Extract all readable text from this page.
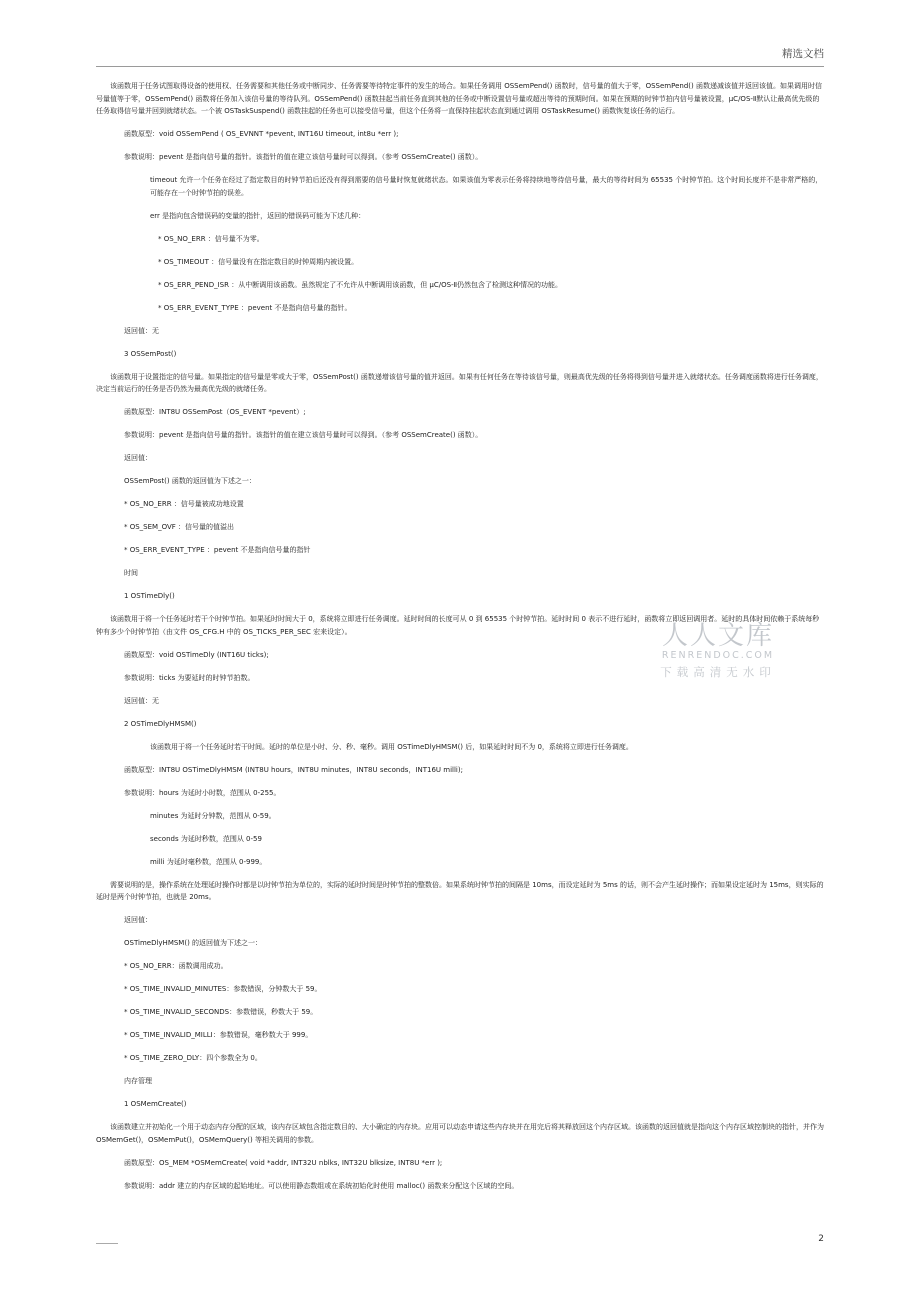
精选文档

该函数用于任务试图取得设备的使用权、任务需要和其他任务或中断同步、任务需要等待特定事件的发生的场合。如果任务调用 OSSemPend() 函数时，信号量的值大于零，OSSemPend() 函数递减该值并返回该值。如果调用时信号量值等于零，OSSemPend() 函数将任务加入该信号量的等待队列。OSSemPend() 函数挂起当前任务直到其他的任务或中断设置信号量或超出等待的预期时间。如果在预期的时钟节拍内信号量被设置，μC/OS-Ⅱ默认让最高优先级的任务取得信号量并回到就绪状态。一个被 OSTaskSuspend() 函数挂起的任务也可以接受信号量，但这个任务将一直保持挂起状态直到通过调用 OSTaskResume() 函数恢复该任务的运行。

函数原型：void OSSemPend ( OS_EVNNT *pevent, INT16U timeout, int8u *err );

参数说明：pevent 是指向信号量的指针。该指针的值在建立该信号量时可以得到。（参考 OSSemCreate() 函数）。

timeout 允许一个任务在经过了指定数目的时钟节拍后还没有得到需要的信号量时恢复就绪状态。如果该值为零表示任务将持续地等待信号量，最大的等待时间为 65535 个时钟节拍。这个时间长度并不是非常严格的，可能存在一个时钟节拍的误差。

err 是指向包含错误码的变量的指针，返回的错误码可能为下述几种：

* OS_NO_ERR ：信号量不为零。

* OS_TIMEOUT ：信号量没有在指定数目的时钟周期内被设置。

* OS_ERR_PEND_ISR ：从中断调用该函数。虽然规定了不允许从中断调用该函数，但 μC/OS-Ⅱ仍然包含了检测这种情况的功能。

* OS_ERR_EVENT_TYPE ：pevent 不是指向信号量的指针。

返回值：无

3 OSSemPost()

该函数用于设置指定的信号量。如果指定的信号量是零或大于零，OSSemPost() 函数递增该信号量的值并返回。如果有任何任务在等待该信号量，则最高优先级的任务将得到信号量并进入就绪状态。任务调度函数将进行任务调度，决定当前运行的任务是否仍然为最高优先级的就绪任务。

函数原型：INT8U OSSemPost（OS_EVENT *pevent）;

参数说明：pevent 是指向信号量的指针。该指针的值在建立该信号量时可以得到。（参考 OSSemCreate() 函数）。

返回值：

OSSemPost() 函数的返回值为下述之一：

* OS_NO_ERR ：信号量被成功地设置

* OS_SEM_OVF ：信号量的值溢出

* OS_ERR_EVENT_TYPE ：pevent 不是指向信号量的指针

时间

1 OSTimeDly()

该函数用于将一个任务延时若干个时钟节拍。如果延时时间大于 0，系统将立即进行任务调度。延时时间的长度可从 0 到 65535 个时钟节拍。延时时间 0 表示不进行延时，函数将立即返回调用者。延时的具体时间依赖于系统每秒钟有多少个时钟节拍（由文件 OS_CFG.H 中的 OS_TICKS_PER_SEC 宏来设定）。

函数原型：void OSTimeDly (INT16U ticks);

参数说明：ticks 为要延时的时钟节拍数。

返回值：无

2 OSTimeDlyHMSM()

该函数用于将一个任务延时若干时间。延时的单位是小时、分、秒、毫秒。调用 OSTimeDlyHMSM() 后，如果延时时间不为 0，系统将立即进行任务调度。

函数原型：INT8U OSTimeDlyHMSM (INT8U hours，INT8U minutes，INT8U seconds，INT16U milli);

参数说明：hours 为延时小时数，范围从 0-255。

minutes 为延时分钟数，范围从 0-59。

seconds 为延时秒数，范围从 0-59

milli 为延时毫秒数，范围从 0-999。

需要说明的是，操作系统在处理延时操作时都是以时钟节拍为单位的，实际的延时时间是时钟节拍的整数倍。如果系统时钟节拍的间隔是 10ms，而设定延时为 5ms 的话，则不会产生延时操作；而如果设定延时为 15ms，则实际的延时是两个时钟节拍，也就是 20ms。

返回值：

OSTimeDlyHMSM() 的返回值为下述之一：

* OS_NO_ERR：函数调用成功。

* OS_TIME_INVALID_MINUTES：参数错误，分钟数大于 59。

* OS_TIME_INVALID_SECONDS：参数错误，秒数大于 59。

* OS_TIME_INVALID_MILLI：参数错误，毫秒数大于 999。

* OS_TIME_ZERO_DLY：四个参数全为 0。

内存管理

1 OSMemCreate()

该函数建立并初始化一个用于动态内存分配的区域，该内存区域包含指定数目的、大小确定的内存块。应用可以动态申请这些内存块并在用完后将其释放回这个内存区域。该函数的返回值就是指向这个内存区域控制块的指针，并作为 OSMemGet()，OSMemPut()，OSMemQuery() 等相关调用的参数。

函数原型：OS_MEM *OSMemCreate( void *addr, INT32U nblks, INT32U blksize, INT8U *err );

参数说明：addr 建立的内存区域的起始地址。可以使用静态数组或在系统初始化时使用 malloc() 函数来分配这个区域的空间。

人人文库
RENRENDOC.COM
下载高清无水印
2
